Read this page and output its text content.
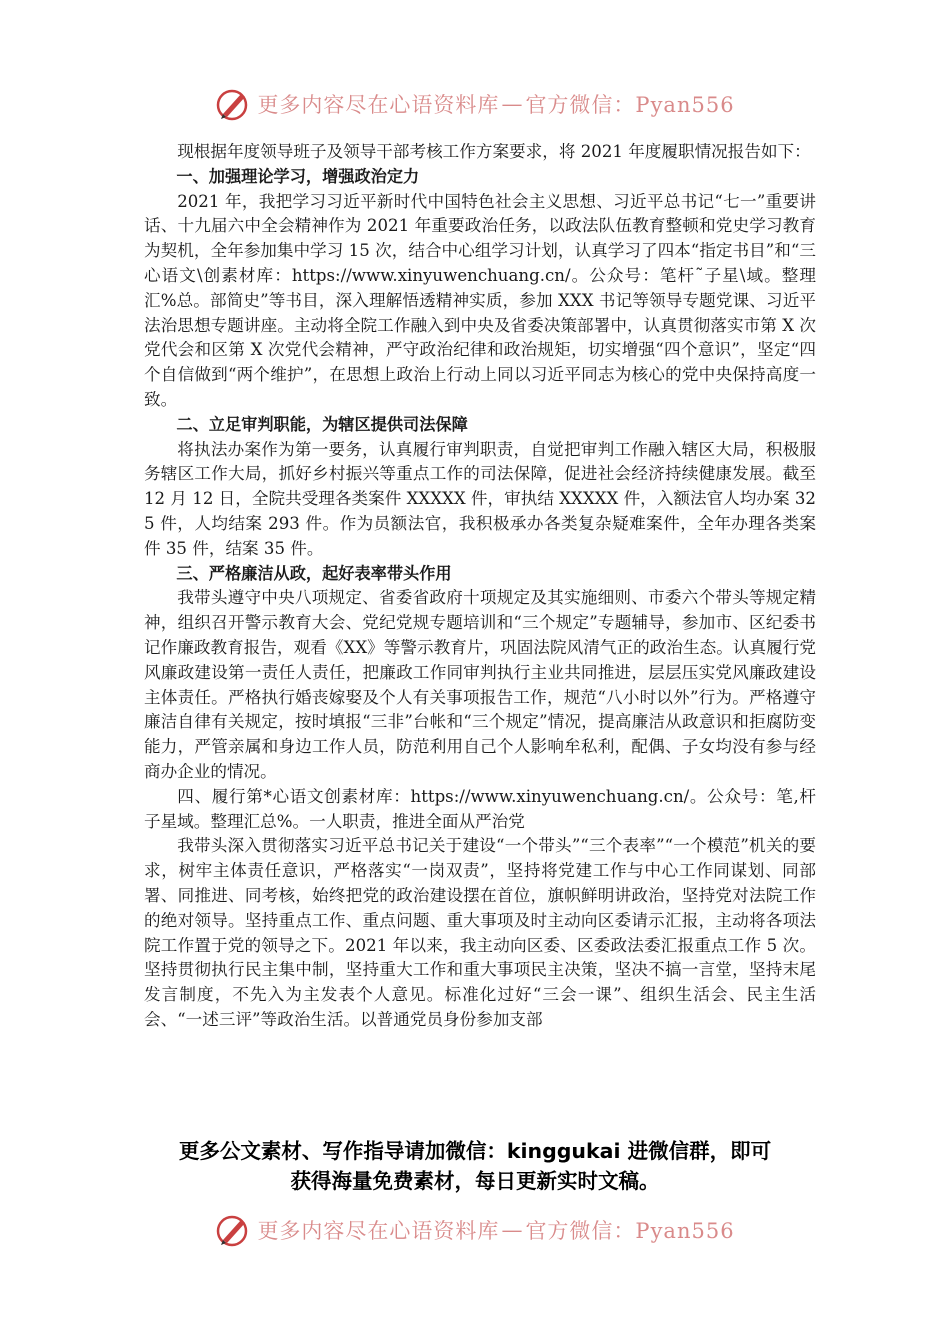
更多内容尽在心语资料库 — 官方微信：Pyan556

现根据年度领导班子及领导干部考核工作方案要求，将 2021 年度履职情况报告如下：

一、加强理论学习，增强政治定力

2021 年，我把学习习近平新时代中国特色社会主义思想、习近平总书记“七一”重要讲话、十九届六中全会精神作为 2021 年重要政治任务，以政法队伍教育整顿和党史学习教育为契机，全年参加集中学习 15 次，结合中心组学习计划，认真学习了四本“指定书目”和“三心语文\创素材库：https://www.xinyuwenchuang.cn/。公众号：笔杆˜子星\域。整理汇%总。部简史”等书目，深入理解悟透精神实质，参加 XXX 书记等领导专题党课、习近平法治思想专题讲座。主动将全院工作融入到中央及省委决策部署中，认真贯彻落实市第 X 次党代会和区第 X 次党代会精神，严守政治纪律和政治规矩，切实增强“四个意识”，坚定“四个自信做到“两个维护”，在思想上政治上行动上同以习近平同志为核心的党中央保持高度一致。

二、立足审判职能，为辖区提供司法保障

将执法办案作为第一要务，认真履行审判职责，自觉把审判工作融入辖区大局，积极服务辖区工作大局，抓好乡村振兴等重点工作的司法保障，促进社会经济持续健康发展。截至 12 月 12 日，全院共受理各类案件 XXXXX 件，审执结 XXXXX 件，入额法官人均办案 325 件，人均结案 293 件。作为员额法官，我积极承办各类复杂疑难案件，全年办理各类案件 35 件，结案 35 件。

三、严格廉洁从政，起好表率带头作用

我带头遵守中央八项规定、省委省政府十项规定及其实施细则、市委六个带头等规定精神，组织召开警示教育大会、党纪党规专题培训和“三个规定”专题辅导，参加市、区纪委书记作廉政教育报告，观看《XX》等警示教育片，巩固法院风清气正的政治生态。认真履行党风廉政建设第一责任人责任，把廉政工作同审判执行主业共同推进，层层压实党风廉政建设主体责任。严格执行婚丧嫁娶及个人有关事项报告工作，规范“八小时以外”行为。严格遵守廉洁自律有关规定，按时填报“三非”台帐和“三个规定”情况，提高廉洁从政意识和拒腐防变能力，严管亲属和身边工作人员，防范利用自己个人影响牟私利，配偶、子女均没有参与经商办企业的情况。

四、履行第*心语文创素材库：https://www.xinyuwenchuang.cn/。公众号：笔,杆子星域。整理汇总%。一人职责，推进全面从严治党

我带头深入贯彻落实习近平总书记关于建设“一个带头”“三个表率”“一个模范”机关的要求，树牢主体责任意识，严格落实“一岗双责”，坚持将党建工作与中心工作同谋划、同部署、同推进、同考核，始终把党的政治建设摆在首位，旗帜鲜明讲政治，坚持党对法院工作的绝对领导。坚持重点工作、重点问题、重大事项及时主动向区委请示汇报，主动将各项法院工作置于党的领导之下。2021 年以来，我主动向区委、区委政法委汇报重点工作 5 次。坚持贯彻执行民主集中制，坚持重大工作和重大事项民主决策，坚决不搞一言堂，坚持末尾发言制度，不先入为主发表个人意见。标准化过好“三会一课”、组织生活会、民主生活会、“一述三评”等政治生活。以普通党员身份参加支部

更多公文素材、写作指导请加微信：kinggukai 进微信群，即可
获得海量免费素材，每日更新实时文稿。
更多内容尽在心语资料库 — 官方微信：Pyan556
